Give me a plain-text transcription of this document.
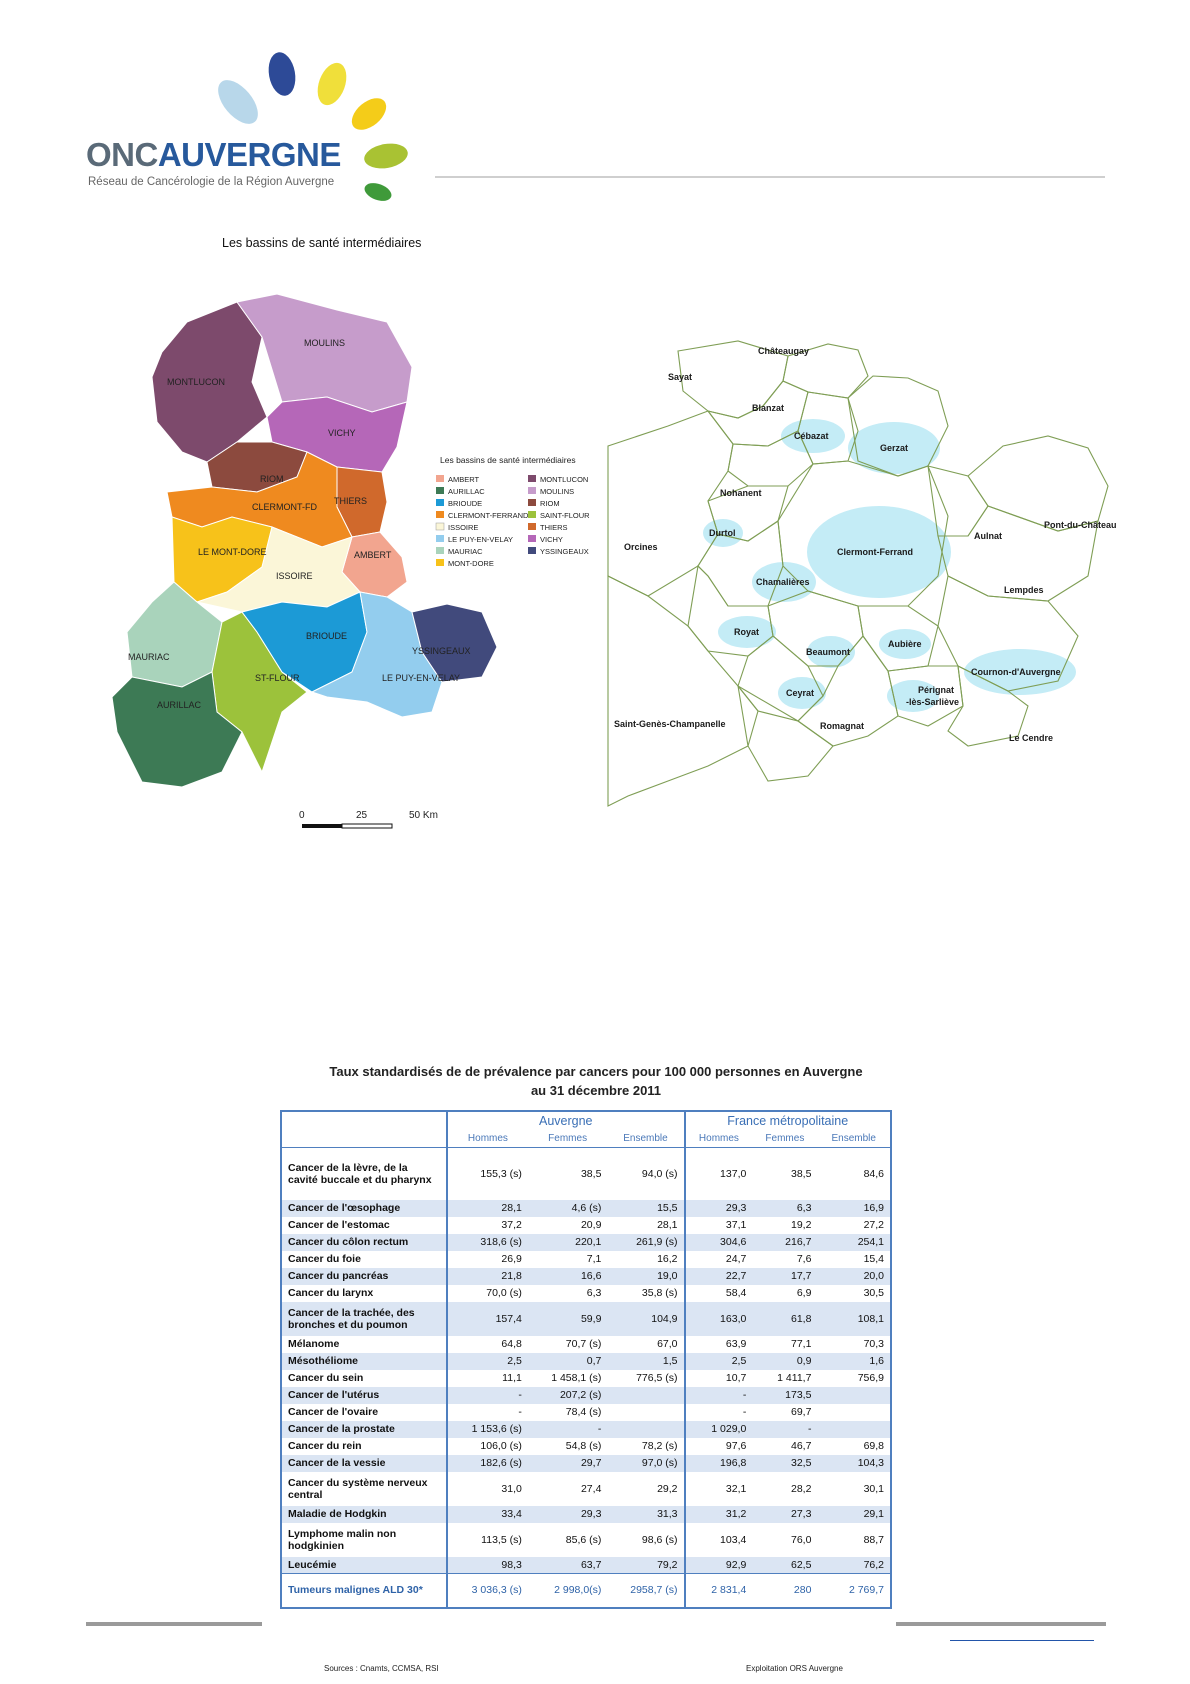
ONCAUVERGNE
Réseau de Cancérologie de la Région Auvergne
Les bassins de santé intermédiaires
MOULINS
MONTLUCON
VICHY
RIOM
CLERMONT-FD
THIERS
LE MONT-DORE	AMBERT
ISSOIRE
BRIOUDE
YSSINGEAUX
MAURIAC
ST-FLOUR	LE PUY-EN-VELAY
AURILLAC
Les bassins de santé intermédiaires
AMBERT
AURILLAC
BRIOUDE
CLERMONT-FERRAND
ISSOIRE
LE PUY-EN-VELAY
MAURIAC
MONT-DORE
MONTLUCON
MOULINS
RIOM
SAINT-FLOUR
THIERS
VICHY
YSSINGEAUX
0	25	50 Km
Châteaugay
Sayat
Blanzat
Cébazat
Gerzat
Nohanent
Durtol
Orcines	Clermont-Ferrand
Aulnat
Pont-du-Château
Chamalières
Lempdes
Royat
Beaumont
Aubière
Cournon-d'Auvergne
Ceyrat	Pérignat
-lès-Sarliève
Saint-Genès-Champanelle	Romagnat
Le Cendre
Taux standardisés de de prévalence par cancers pour 100 000 personnes en Auvergne
au 31 décembre 2011
	Auvergne			France métropolitaine		
	Hommes	Femmes	Ensemble	Hommes	Femmes	Ensemble
Cancer de la lèvre, de la cavité buccale et du pharynx	155,3 (s)	38,5	94,0 (s)	137,0	38,5	84,6
Cancer de l'œsophage	28,1	4,6 (s)	15,5	29,3	6,3	16,9
Cancer de l'estomac	37,2	20,9	28,1	37,1	19,2	27,2
Cancer du côlon rectum	318,6 (s)	220,1	261,9 (s)	304,6	216,7	254,1
Cancer du foie	26,9	7,1	16,2	24,7	7,6	15,4
Cancer du pancréas	21,8	16,6	19,0	22,7	17,7	20,0
Cancer du larynx	70,0 (s)	6,3	35,8 (s)	58,4	6,9	30,5
Cancer de la trachée, des bronches et du poumon	157,4	59,9	104,9	163,0	61,8	108,1
Mélanome	64,8	70,7 (s)	67,0	63,9	77,1	70,3
Mésothéliome	2,5	0,7	1,5	2,5	0,9	1,6
Cancer du sein	11,1	1 458,1 (s)	776,5 (s)	10,7	1 411,7	756,9
Cancer de l'utérus	-	207,2 (s)		-	173,5	
Cancer de l'ovaire	-	78,4 (s)		-	69,7	
Cancer de la prostate	1 153,6 (s)	-		1 029,0	-	
Cancer du rein	106,0 (s)	54,8 (s)	78,2 (s)	97,6	46,7	69,8
Cancer de la vessie	182,6 (s)	29,7	97,0 (s)	196,8	32,5	104,3
Cancer du système nerveux central	31,0	27,4	29,2	32,1	28,2	30,1
Maladie de Hodgkin	33,4	29,3	31,3	31,2	27,3	29,1
Lymphome malin non hodgkinien	113,5 (s)	85,6 (s)	98,6 (s)	103,4	76,0	88,7
Leucémie	98,3	63,7	79,2	92,9	62,5	76,2
Tumeurs malignes ALD 30*	3 036,3 (s)	2 998,0(s)	2958,7 (s)	2 831,4	280	2 769,7
Sources : Cnamts, CCMSA, RSI	Exploitation ORS Auvergne
